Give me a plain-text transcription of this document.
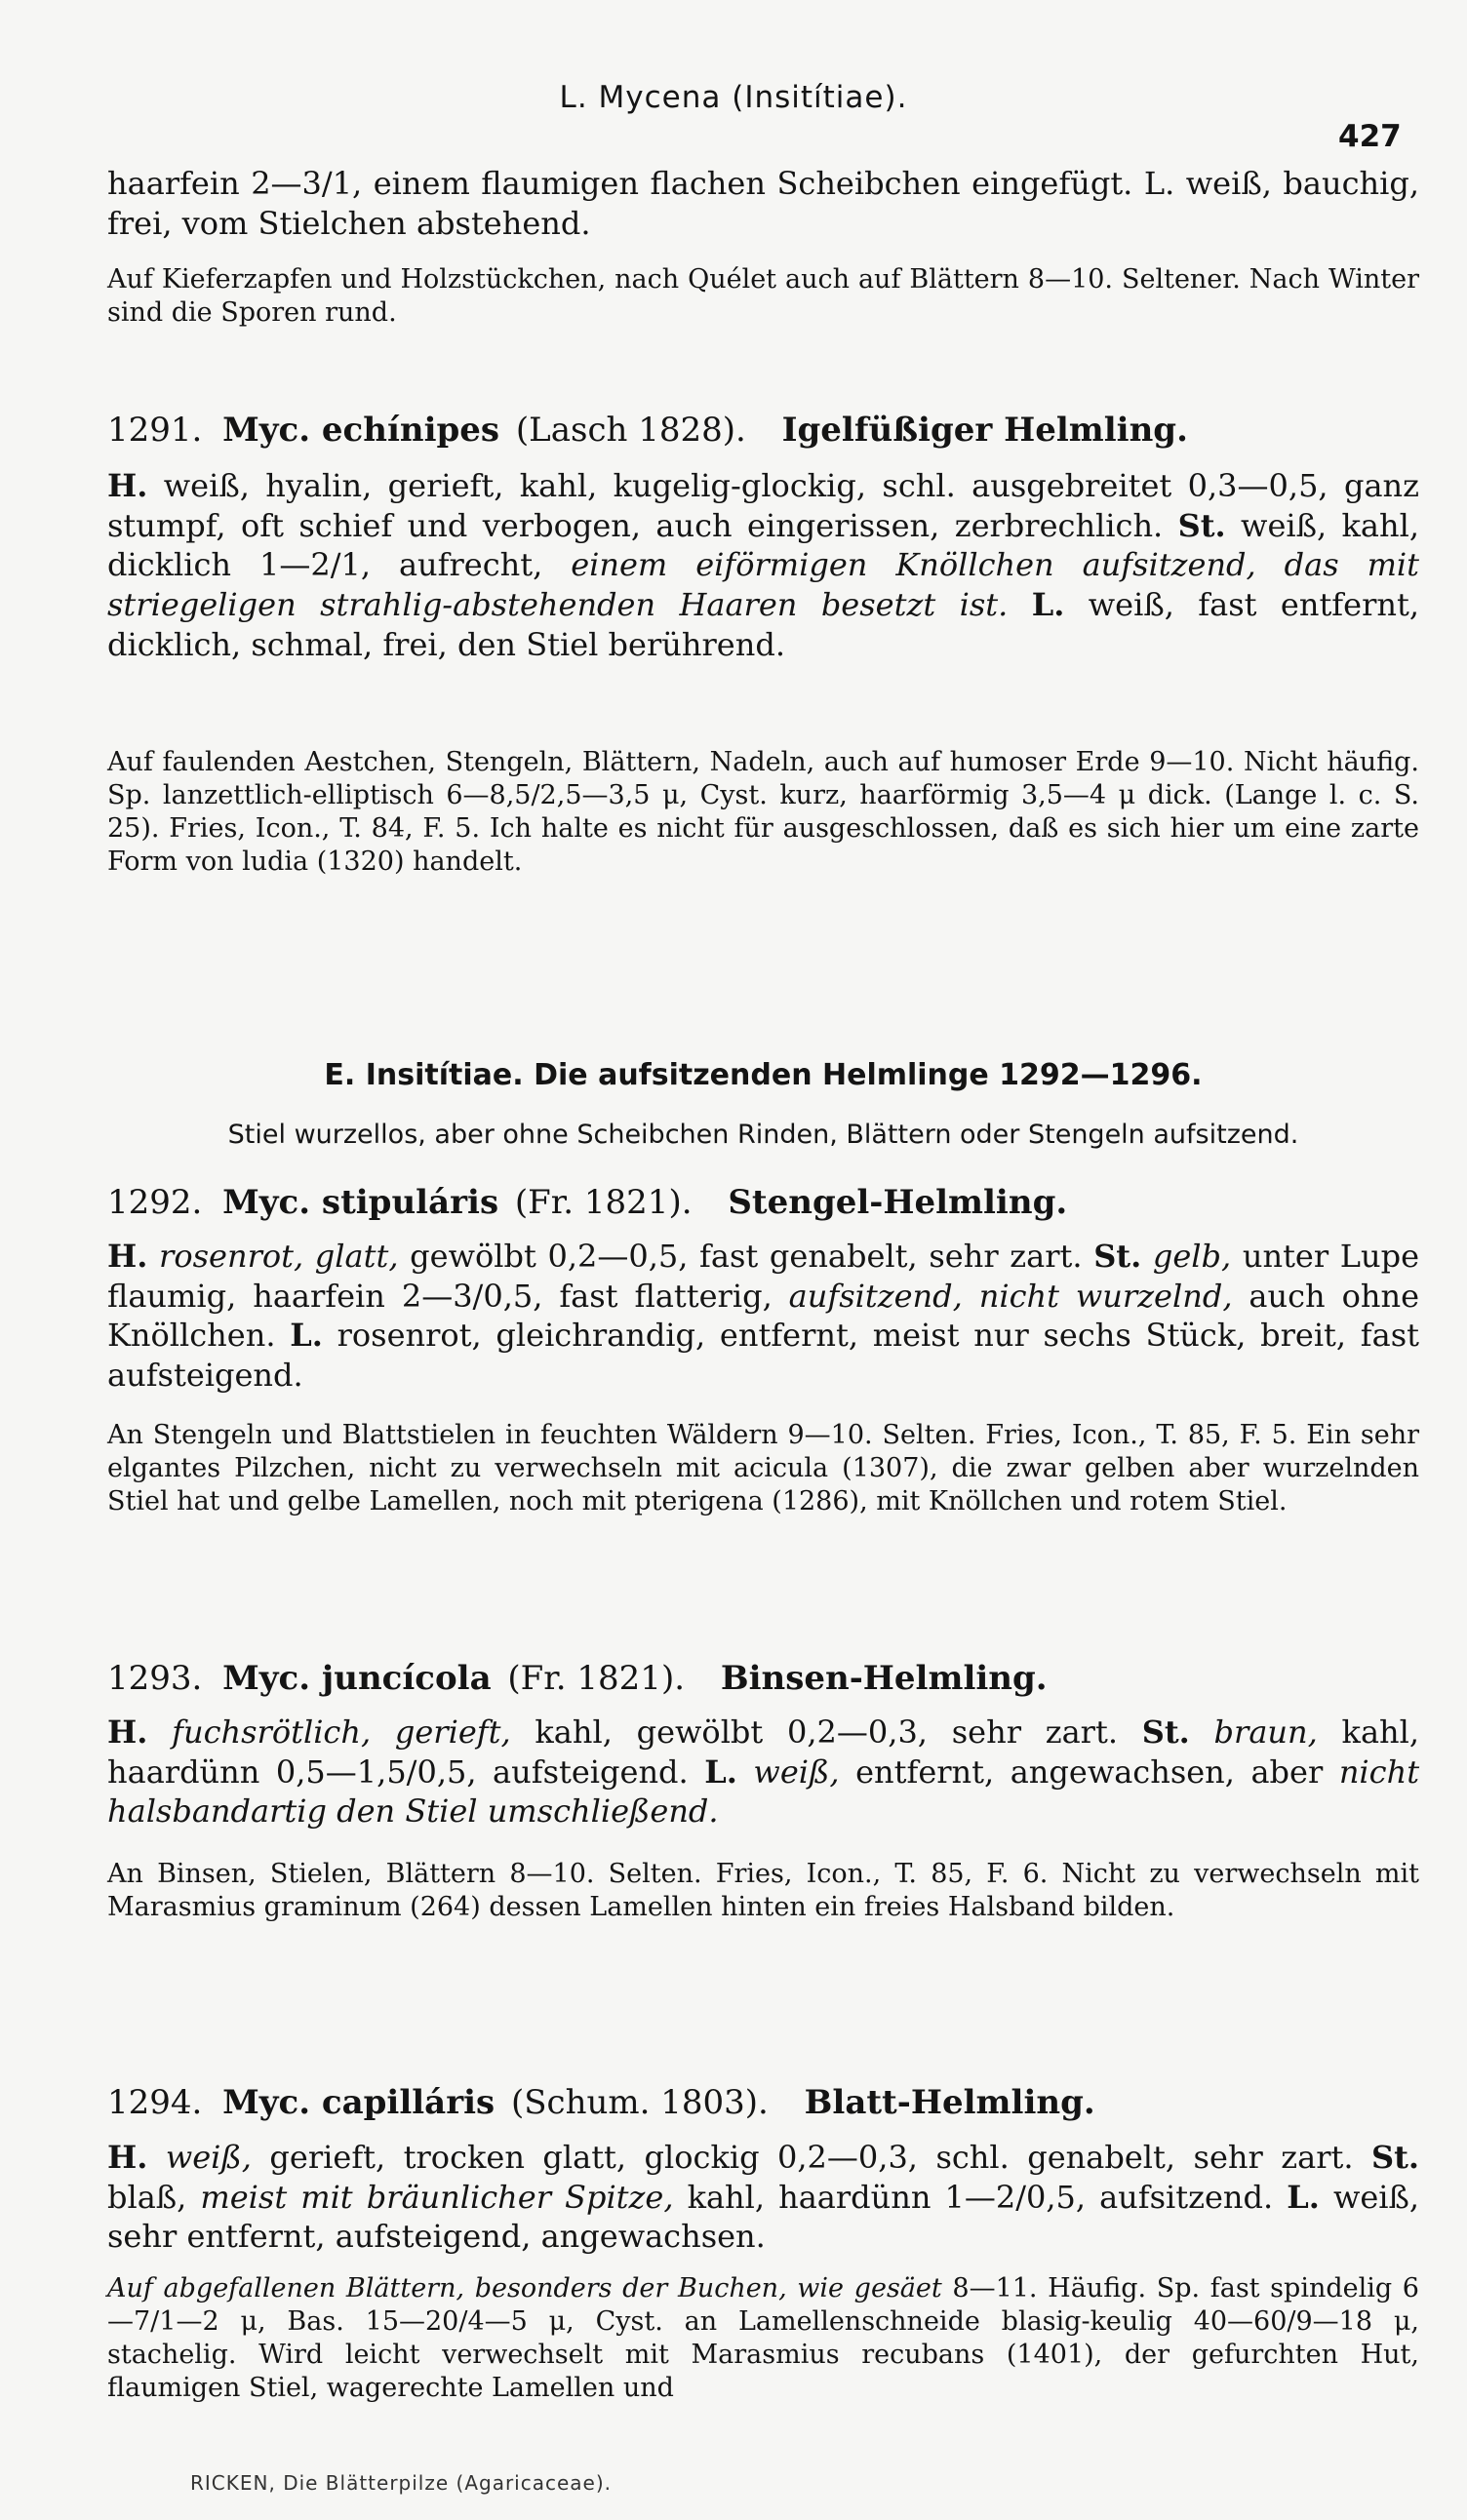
L. Mycena (Insitítiae).
427

haarfein 2—3/1, einem flaumigen flachen Scheibchen eingefügt. L. weiß, bauchig, frei, vom Stielchen abstehend.

Auf Kieferzapfen und Holzstückchen, nach Quélet auch auf Blättern 8—10. Seltener. Nach Winter sind die Sporen rund.

1291. Myc. echínipes (Lasch 1828). Igelfüßiger Helmling.

H. weiß, hyalin, gerieft, kahl, kugelig-glockig, schl. ausgebreitet 0,3—0,5, ganz stumpf, oft schief und verbogen, auch eingerissen, zerbrechlich. St. weiß, kahl, dicklich 1—2/1, aufrecht, einem eiförmigen Knöllchen aufsitzend, das mit striegeligen strahlig-abstehenden Haaren besetzt ist. L. weiß, fast entfernt, dicklich, schmal, frei, den Stiel berührend.

Auf faulenden Aestchen, Stengeln, Blättern, Nadeln, auch auf humoser Erde 9—10. Nicht häufig. Sp. lanzettlich-elliptisch 6—8,5/2,5—3,5 μ, Cyst. kurz, haarförmig 3,5—4 μ dick. (Lange l. c. S. 25). Fries, Icon., T. 84, F. 5. Ich halte es nicht für ausgeschlossen, daß es sich hier um eine zarte Form von ludia (1320) handelt.

E. Insitítiae. Die aufsitzenden Helmlinge 1292—1296.
Stiel wurzellos, aber ohne Scheibchen Rinden, Blättern oder Stengeln aufsitzend.
1292. Myc. stipuláris (Fr. 1821). Stengel-Helmling.

H. rosenrot, glatt, gewölbt 0,2—0,5, fast genabelt, sehr zart. St. gelb, unter Lupe flaumig, haarfein 2—3/0,5, fast flatterig, aufsitzend, nicht wurzelnd, auch ohne Knöllchen. L. rosenrot, gleichrandig, entfernt, meist nur sechs Stück, breit, fast aufsteigend.

An Stengeln und Blattstielen in feuchten Wäldern 9—10. Selten. Fries, Icon., T. 85, F. 5. Ein sehr elgantes Pilzchen, nicht zu verwechseln mit acicula (1307), die zwar gelben aber wurzelnden Stiel hat und gelbe Lamellen, noch mit pterigena (1286), mit Knöllchen und rotem Stiel.

1293. Myc. juncícola (Fr. 1821). Binsen-Helmling.

H. fuchsrötlich, gerieft, kahl, gewölbt 0,2—0,3, sehr zart. St. braun, kahl, haardünn 0,5—1,5/0,5, aufsteigend. L. weiß, entfernt, angewachsen, aber nicht halsbandartig den Stiel umschließend.

An Binsen, Stielen, Blättern 8—10. Selten. Fries, Icon., T. 85, F. 6. Nicht zu verwechseln mit Marasmius graminum (264) dessen Lamellen hinten ein freies Halsband bilden.

1294. Myc. capilláris (Schum. 1803). Blatt-Helmling.

H. weiß, gerieft, trocken glatt, glockig 0,2—0,3, schl. genabelt, sehr zart. St. blaß, meist mit bräunlicher Spitze, kahl, haardünn 1—2/0,5, aufsitzend. L. weiß, sehr entfernt, aufsteigend, angewachsen.

Auf abgefallenen Blättern, besonders der Buchen, wie gesäet 8—11. Häufig. Sp. fast spindelig 6—7/1—2 μ, Bas. 15—20/4—5 μ, Cyst. an Lamellenschneide blasig-keulig 40—60/9—18 μ, stachelig. Wird leicht verwechselt mit Marasmius recubans (1401), der gefurchten Hut, flaumigen Stiel, wagerechte Lamellen und

RICKEN, Die Blätterpilze (Agaricaceae).
